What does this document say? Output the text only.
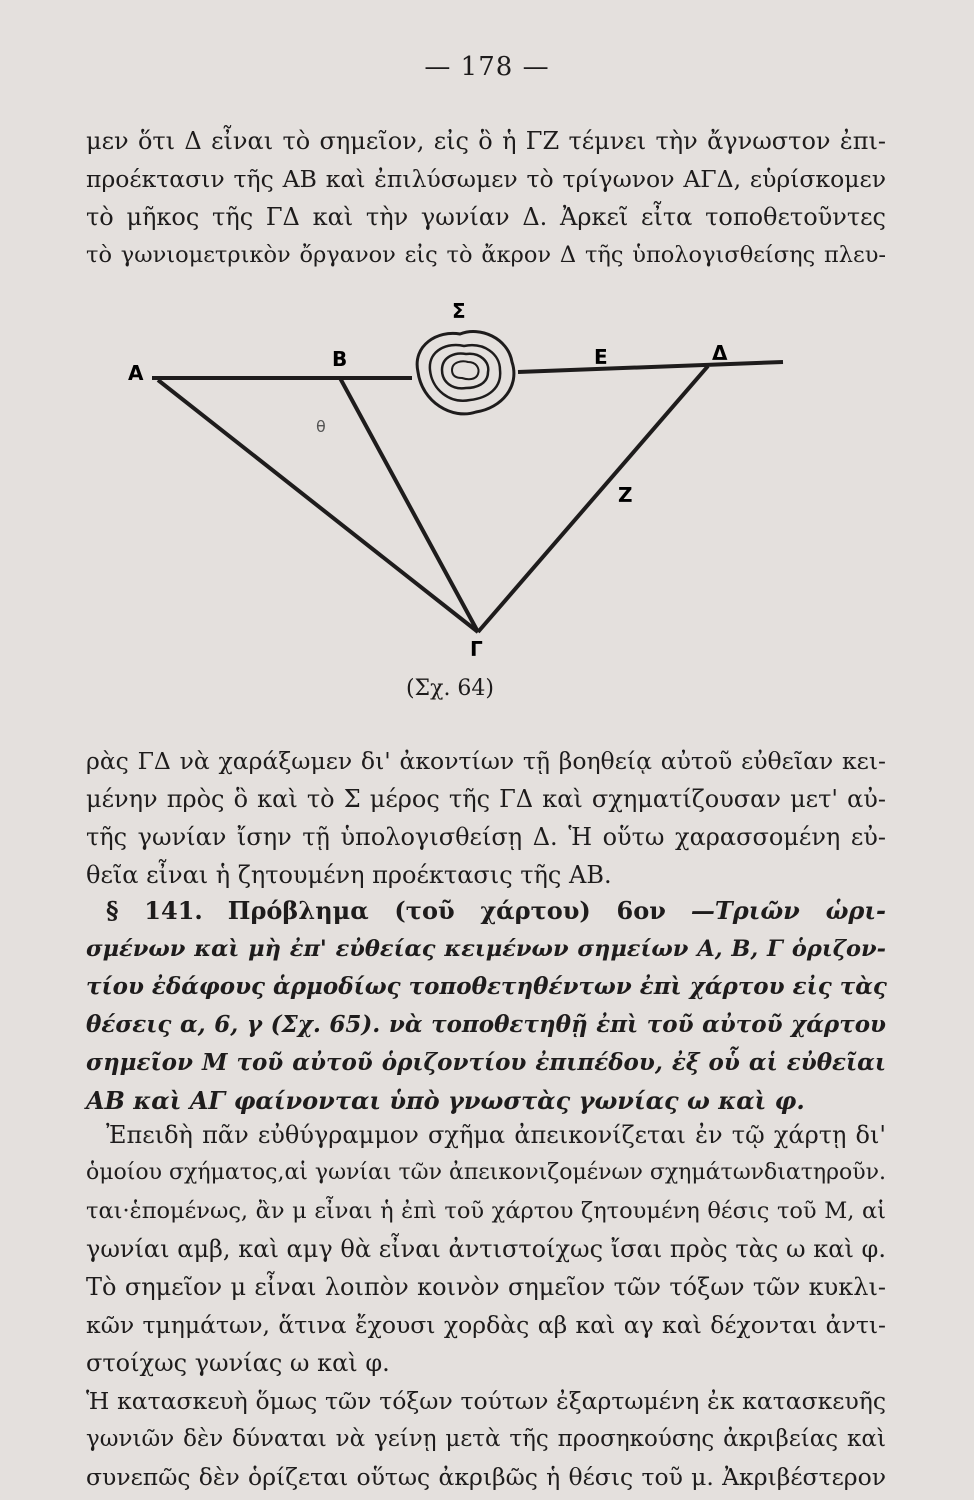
— 178 —
μεν ὅτι Δ εἶναι τὸ σημεῖον, εἰς ὃ ἡ ΓΖ τέμνει τὴν ἄγνωστον ἐπι-
προέκτασιν τῆς ΑΒ καὶ ἐπιλύσωμεν τὸ τρίγωνον ΑΓΔ, εὑρίσκομεν
τὸ μῆκος τῆς ΓΔ καὶ τὴν γωνίαν Δ. Ἀρκεῖ εἶτα τοποθετοῦντες
τὸ γωνιομετρικὸν ὄργανον εἰς τὸ ἄκρον Δ τῆς ὑπολογισθείσης πλευ-
Α
Β
Σ
Ε	Δ
Ζ
Γ
θ
(Σχ. 64)
ρὰς ΓΔ νὰ χαράξωμεν δι' ἀκοντίων τῇ βοηθείᾳ αὐτοῦ εὐθεῖαν κει-
μένην πρὸς ὃ καὶ τὸ Σ μέρος τῆς ΓΔ καὶ σχηματίζουσαν μετ' αὐ-
τῆς γωνίαν ἴσην τῇ ὑπολογισθείσῃ Δ. Ἡ οὕτω χαρασσομένη εὐ-
θεῖα εἶναι ἡ ζητουμένη προέκτασις τῆς ΑΒ.
§ 141. Πρόβλημα (τοῦ χάρτου) 6ον —Τριῶν ὡρι-
σμένων καὶ μὴ ἐπ' εὐθείας κειμένων σημείων Α, Β, Γ ὁριζον-
τίου ἐδάφους ἁρμοδίως τοποθετηθέντων ἐπὶ χάρτου εἰς τὰς
θέσεις α, 6, γ (Σχ. 65). νὰ τοποθετηθῇ ἐπὶ τοῦ αὐτοῦ χάρτου
σημεῖον Μ τοῦ αὐτοῦ ὁριζοντίου ἐπιπέδου, ἐξ οὗ αἱ εὐθεῖαι
ΑΒ καὶ ΑΓ φαίνονται ὑπὸ γνωστὰς γωνίας ω καὶ φ.
Ἐπειδὴ πᾶν εὐθύγραμμον σχῆμα ἀπεικονίζεται ἐν τῷ χάρτῃ δι'
ὁμοίου σχήματος,αἱ γωνίαι τῶν ἀπεικονιζομένων σχημάτωνδιατηροῦν.
ται·ἑπομένως, ἂν μ εἶναι ἡ ἐπὶ τοῦ χάρτου ζητουμένη θέσις τοῦ Μ, αἱ
γωνίαι αμβ, καὶ αμγ θὰ εἶναι ἀντιστοίχως ἴσαι πρὸς τὰς ω καὶ φ.
Τὸ σημεῖον μ εἶναι λοιπὸν κοινὸν σημεῖον τῶν τόξων τῶν κυκλι-
κῶν τμημάτων, ἅτινα ἔχουσι χορδὰς αβ καὶ αγ καὶ δέχονται ἀντι-
στοίχως γωνίας ω καὶ φ.
Ἡ κατασκευὴ ὅμως τῶν τόξων τούτων ἐξαρτωμένη ἐκ κατασκευῆς
γωνιῶν δὲν δύναται νὰ γείνῃ μετὰ τῆς προσηκούσης ἀκριβείας καὶ
συνεπῶς δὲν ὁρίζεται οὕτως ἀκριβῶς ἡ θέσις τοῦ μ. Ἀκριβέστερον
